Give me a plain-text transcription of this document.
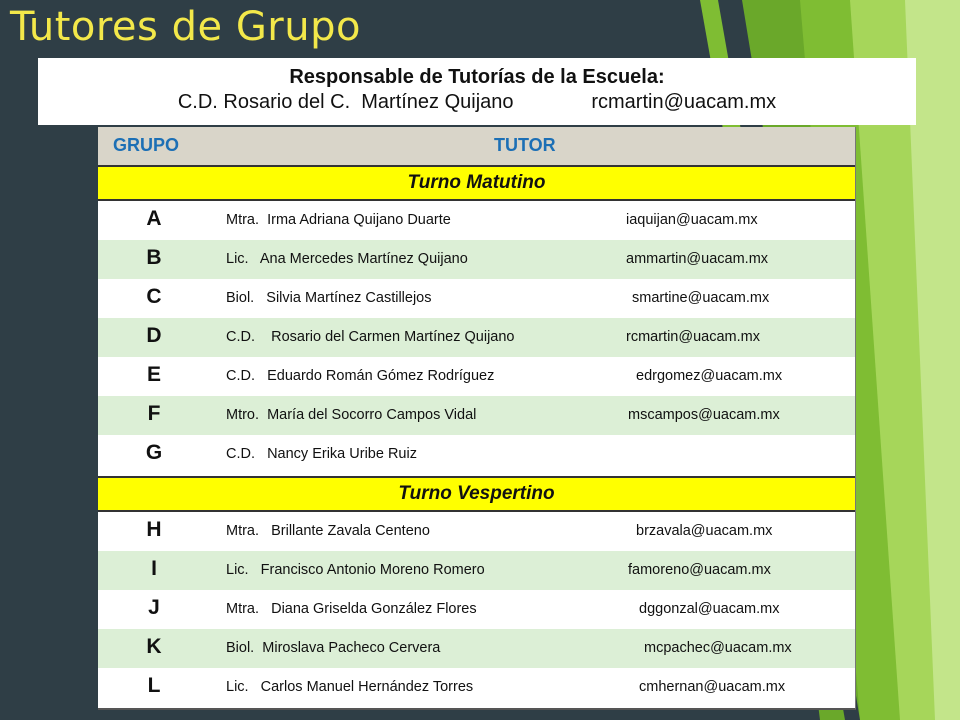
Tutores de Grupo
Responsable de Tutorías de la Escuela:
C.D. Rosario del C.  Martínez Quijano              rcmartin@uacam.mx
GRUPO	TUTOR
Turno Matutino
A	Mtra.  Irma Adriana Quijano Duarte	iaquijan@uacam.mx
B	Lic.   Ana Mercedes Martínez Quijano	ammartin@uacam.mx
C	Biol.   Silvia Martínez Castillejos	smartine@uacam.mx
D	C.D.    Rosario del Carmen Martínez Quijano	rcmartin@uacam.mx
E	C.D.   Eduardo Román Gómez Rodríguez	edrgomez@uacam.mx
F	Mtro.  María del Socorro Campos Vidal	mscampos@uacam.mx
G	C.D.   Nancy Erika Uribe Ruiz
Turno Vespertino
H	Mtra.   Brillante Zavala Centeno	brzavala@uacam.mx
I	Lic.   Francisco Antonio Moreno Romero	famoreno@uacam.mx
J	Mtra.   Diana Griselda González Flores	dggonzal@uacam.mx
K	Biol.  Miroslava Pacheco Cervera	mcpachec@uacam.mx
L	Lic.   Carlos Manuel Hernández Torres	cmhernan@uacam.mx
